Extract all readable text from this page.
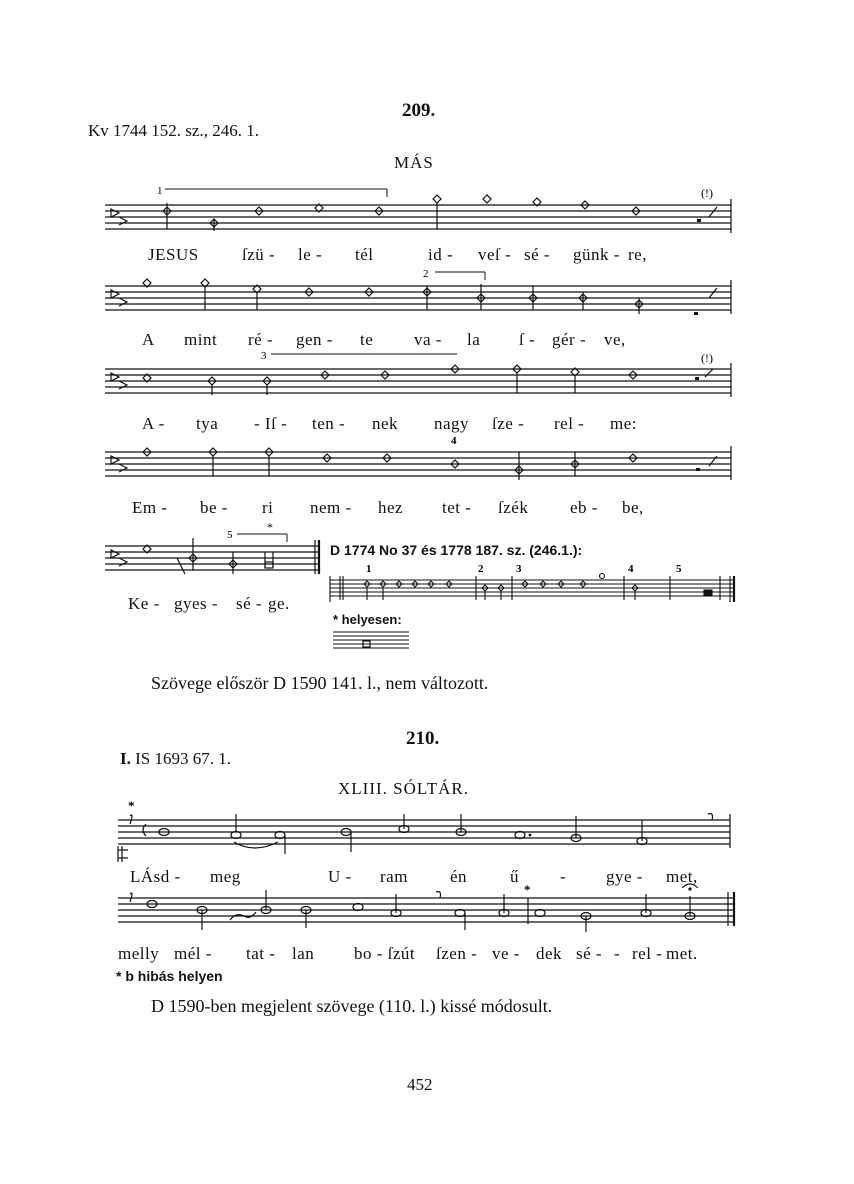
209.
Kv 1744 152. sz., 246. 1.
MÁS
1	(!)
JESUS	ſzü - le - tél	id - veſ - sé - günk - re,
2
A mint ré - gen - te va - la ſ - gér - ve,
3	(!)
A - tya - Iſ - ten - nek nagy ſze - rel - me:
4
Em - be - ri nem - hez tet - ſzék eb - be,
5
*
Ke - gyes - sé - ge.
D 1774 No 37 és 1778 187. sz. (246.1.):
1	2	3	4	5
* helyesen:
Szövege először D 1590 141. l., nem változott.
210.
I. IS 1693 67. 1.
XLIII. SÓLTÁR.
*
LÁsd - meg	U - ram én	ű - gye - met,
*
melly mél - tat - lan bo - ſzút ſzen - ve - dek sé - - rel - met.
* b hibás helyen
D 1590-ben megjelent szövege (110. l.) kissé módosult.
452
